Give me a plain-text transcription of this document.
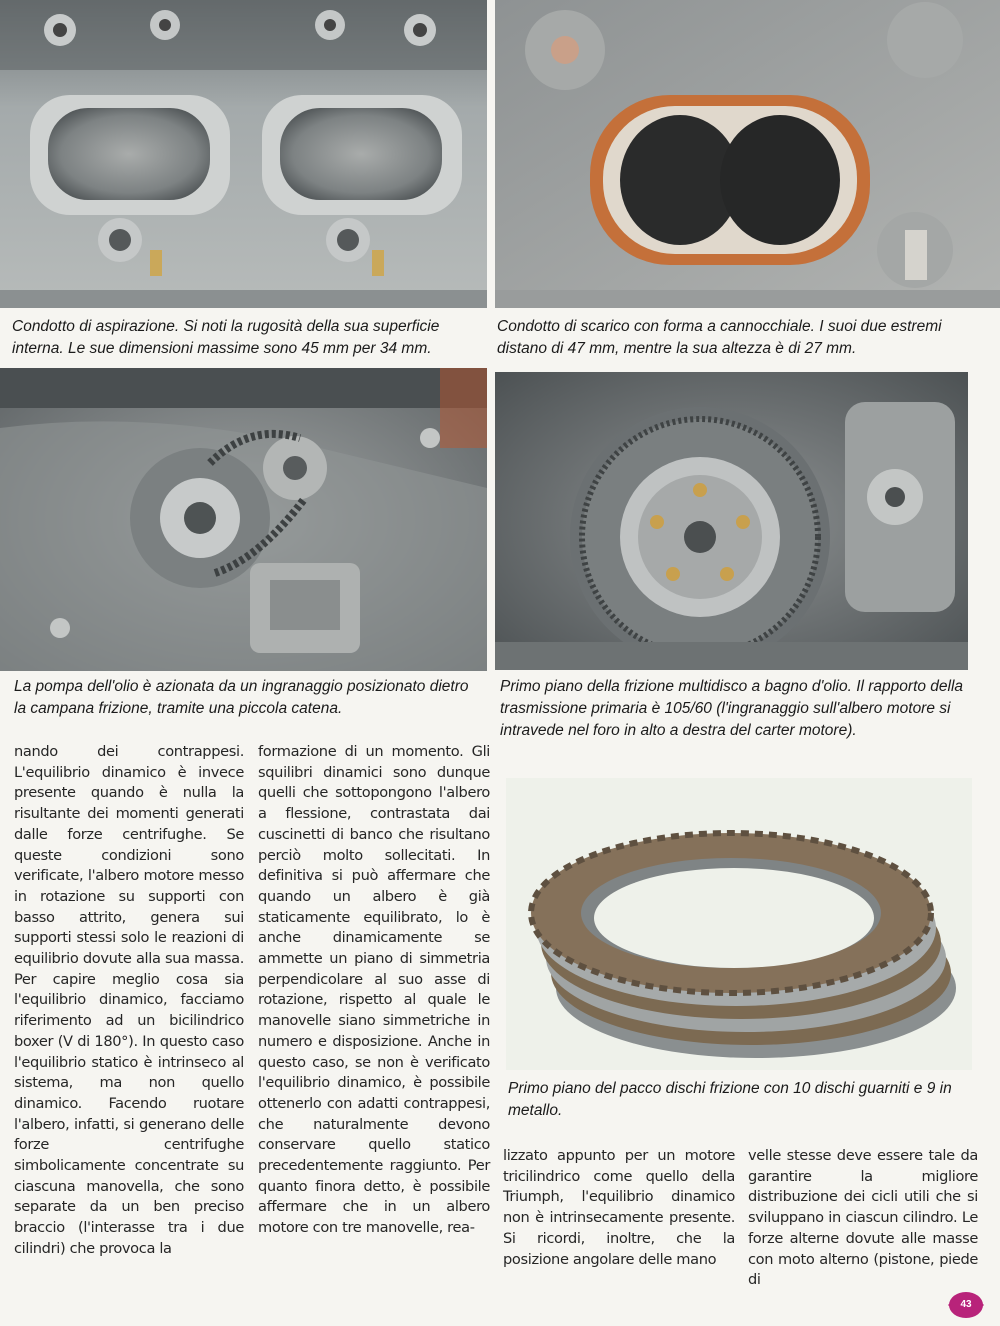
Condotto di aspirazione. Si noti la rugosità della sua superficie interna. Le sue dimensioni massime sono 45 mm per 34 mm.

Condotto di scarico con forma a cannocchiale. I suoi due estremi distano di 47 mm, mentre la sua altezza è di 27 mm.

La pompa dell'olio è azionata da un ingranaggio posizionato dietro la campana frizione, tramite una piccola catena.

Primo piano della frizione multidisco a bagno d'olio. Il rapporto della trasmissione primaria è 105/60 (l'ingranaggio sull'albero motore si intravede nel foro in alto a destra del carter motore).

Primo piano del pacco dischi frizione con 10 dischi guarniti e 9 in metallo.

nando dei contrappesi. L'equilibrio dinamico è invece presente quando è nulla la risultante dei momenti generati dalle forze centrifughe. Se queste condizioni sono verificate, l'albero motore messo in rotazione su supporti con basso attrito, genera sui supporti stessi solo le reazioni di equilibrio dovute alla sua massa. Per capire meglio cosa sia l'equilibrio dinamico, facciamo riferimento ad un bicilindrico boxer (V di 180°). In questo caso l'equilibrio statico è intrinseco al sistema, ma non quello dinamico. Facendo ruotare l'albero, infatti, si generano delle forze centrifughe simbolicamente concentrate su ciascuna manovella, che sono separate da un ben preciso braccio (l'interasse tra i due cilindri) che provoca la

formazione di un momento. Gli squilibri dinamici sono dunque quelli che sottopongono l'albero a flessione, contrastata dai cuscinetti di banco che risultano perciò molto sollecitati. In definitiva si può affermare che quando un albero è già staticamente equilibrato, lo è anche dinamicamente se ammette un piano di simmetria perpendicolare al suo asse di rotazione, rispetto al quale le manovelle siano simmetriche in numero e disposizione. Anche in questo caso, se non è verificato l'equilibrio dinamico, è possibile ottenerlo con adatti contrappesi, che naturalmente devono conservare quello statico precedentemente raggiunto. Per quanto finora detto, è possibile affermare che in un albero motore con tre manovelle, rea-

lizzato appunto per un motore tricilindrico come quello della Triumph, l'equilibrio dinamico non è intrinsecamente presente. Si ricordi, inoltre, che la posizione angolare delle mano

velle stesse deve essere tale da garantire la migliore distribuzione dei cicli utili che si sviluppano in ciascun cilindro. Le forze alterne dovute alle masse con moto alterno (pistone, piede di

43
